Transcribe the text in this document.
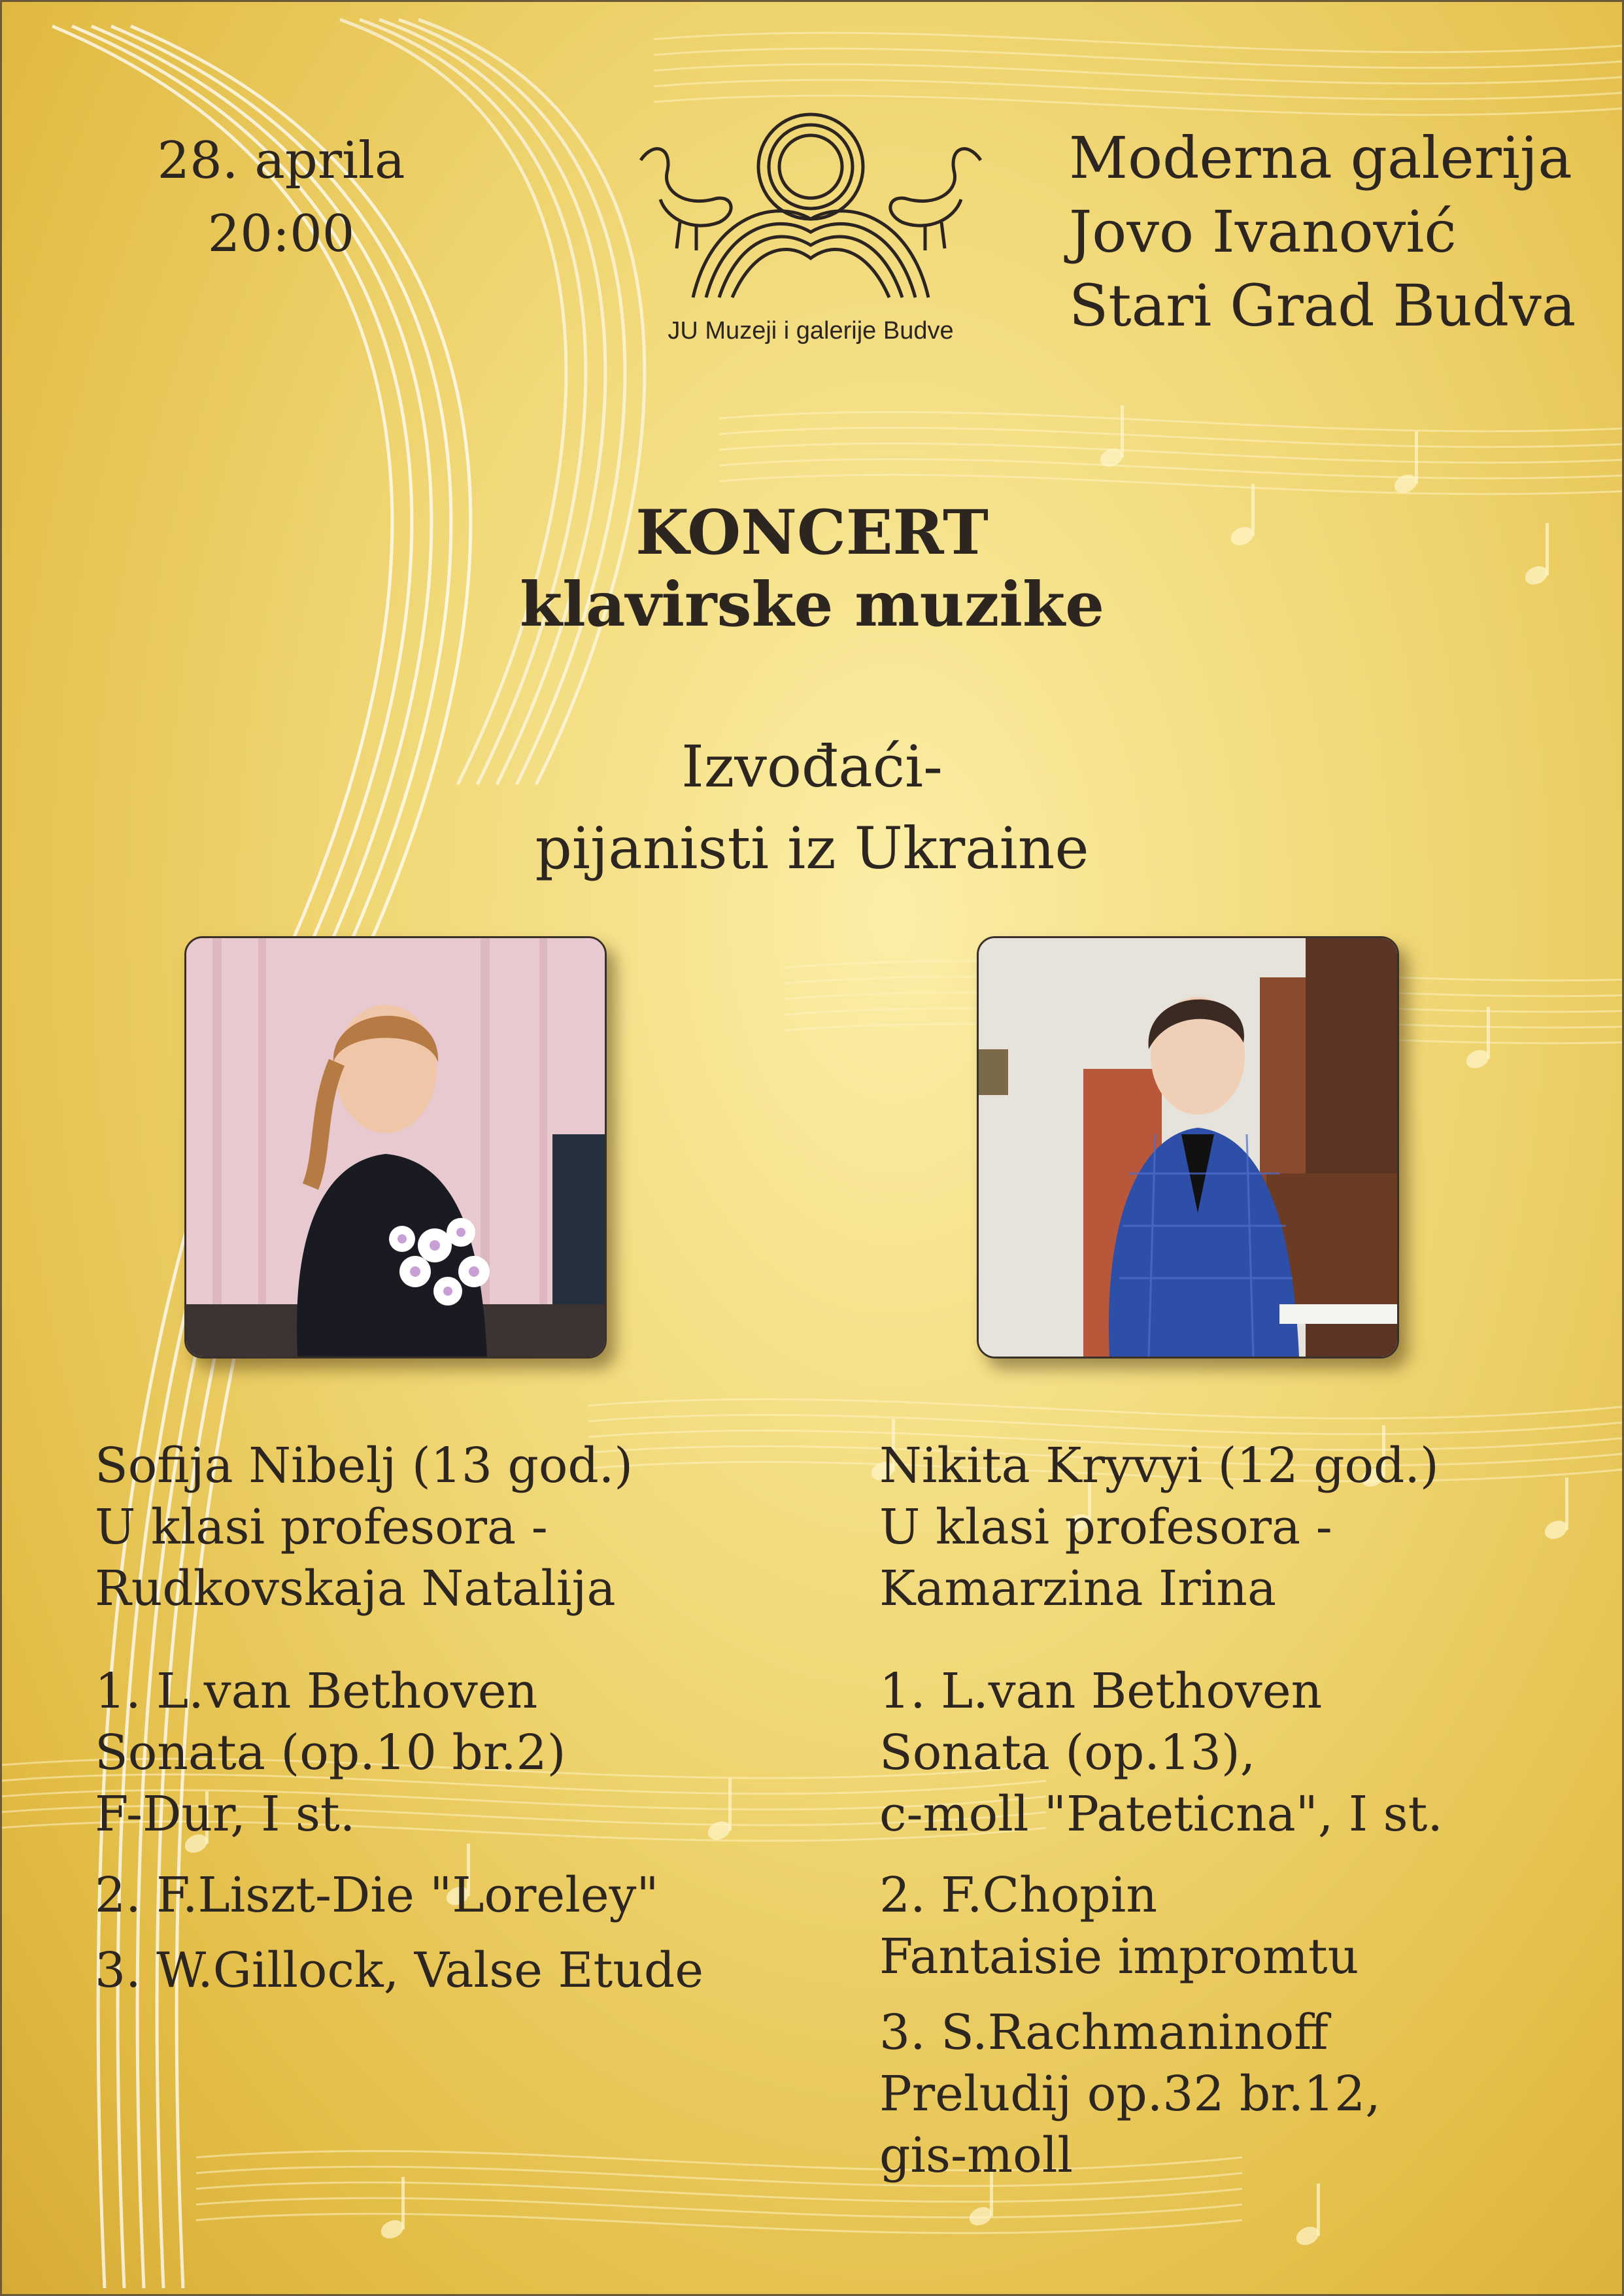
28. aprila
20:00

JU Muzeji i galerije Budve

Moderna galerija
Jovo Ivanović
Stari Grad Budva

KONCERT
klavirske muzike

Izvođaći-
pijanisti iz Ukraine

Sofija Nibelj (13 god.)
U klasi profesora -
Rudkovskaja Natalija

1. L.van Bethoven
Sonata (op.10 br.2)
F-Dur, I st.

2. F.Liszt-Die "Loreley"

3. W.Gillock, Valse Etude

Nikita Kryvyi (12 god.)
U klasi profesora -
Kamarzina Irina

1. L.van Bethoven
Sonata (op.13),
c-moll "Pateticna", I st.

2. F.Chopin
Fantaisie impromtu

3. S.Rachmaninoff
Preludij op.32 br.12,
gis-moll
